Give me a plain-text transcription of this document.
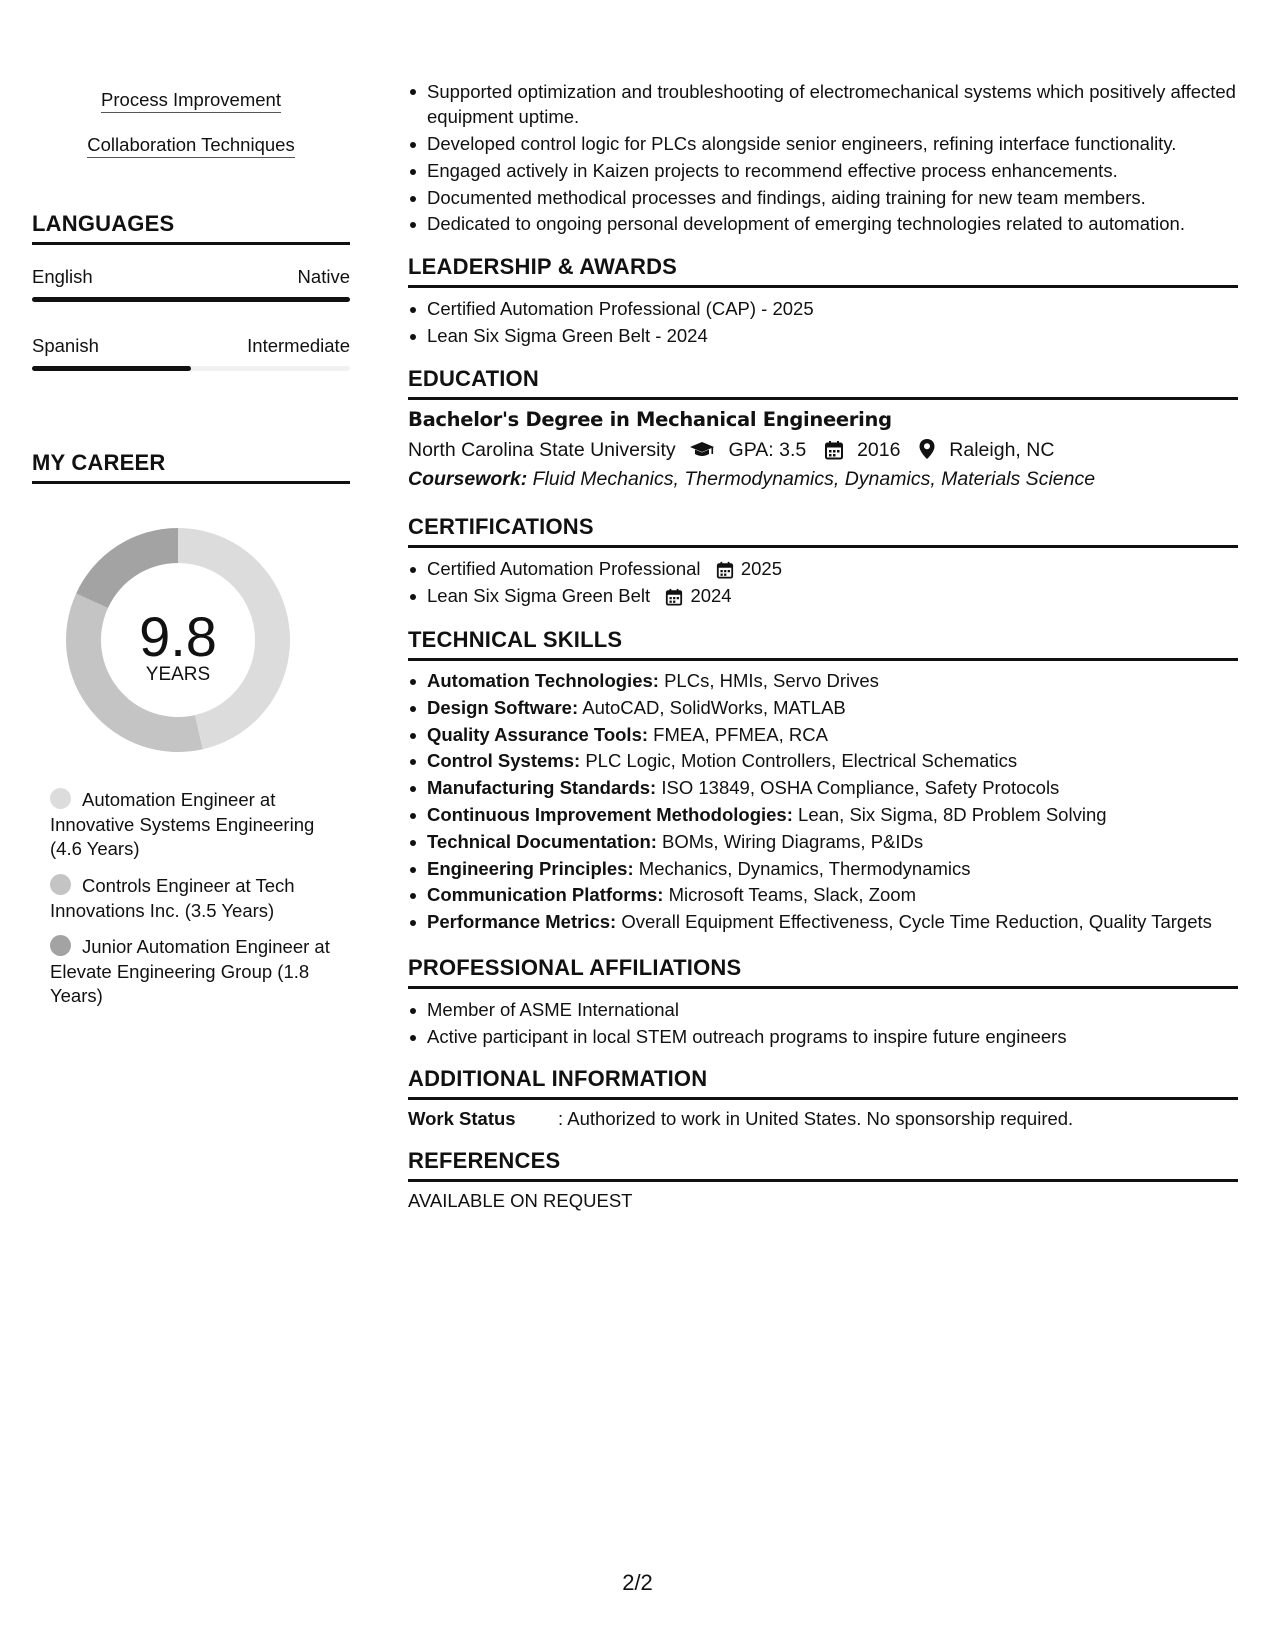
Process Improvement
Collaboration Techniques
LANGUAGES
English	Native
Spanish	Intermediate
MY CAREER
9.8
YEARS
Automation Engineer at Innovative Systems Engineering (4.6 Years)
Controls Engineer at Tech Innovations Inc. (3.5 Years)
Junior Automation Engineer at Elevate Engineering Group (1.8 Years)
Supported optimization and troubleshooting of electromechanical systems which positively affected equipment uptime.
Developed control logic for PLCs alongside senior engineers, refining interface functionality.
Engaged actively in Kaizen projects to recommend effective process enhancements.
Documented methodical processes and findings, aiding training for new team members.
Dedicated to ongoing personal development of emerging technologies related to automation.
LEADERSHIP & AWARDS
Certified Automation Professional (CAP) - 2025
Lean Six Sigma Green Belt - 2024
EDUCATION
Bachelor's Degree in Mechanical Engineering
North Carolina State University	GPA: 3.5	2016	Raleigh, NC
Coursework: Fluid Mechanics, Thermodynamics, Dynamics, Materials Science
CERTIFICATIONS
Certified Automation Professional 2025
Lean Six Sigma Green Belt 2024
TECHNICAL SKILLS
Automation Technologies: PLCs, HMIs, Servo Drives
Design Software: AutoCAD, SolidWorks, MATLAB
Quality Assurance Tools: FMEA, PFMEA, RCA
Control Systems: PLC Logic, Motion Controllers, Electrical Schematics
Manufacturing Standards: ISO 13849, OSHA Compliance, Safety Protocols
Continuous Improvement Methodologies: Lean, Six Sigma, 8D Problem Solving
Technical Documentation: BOMs, Wiring Diagrams, P&IDs
Engineering Principles: Mechanics, Dynamics, Thermodynamics
Communication Platforms: Microsoft Teams, Slack, Zoom
Performance Metrics: Overall Equipment Effectiveness, Cycle Time Reduction, Quality Targets
PROFESSIONAL AFFILIATIONS
Member of ASME International
Active participant in local STEM outreach programs to inspire future engineers
ADDITIONAL INFORMATION
Work Status : Authorized to work in United States. No sponsorship required.
REFERENCES
AVAILABLE ON REQUEST
2/2
